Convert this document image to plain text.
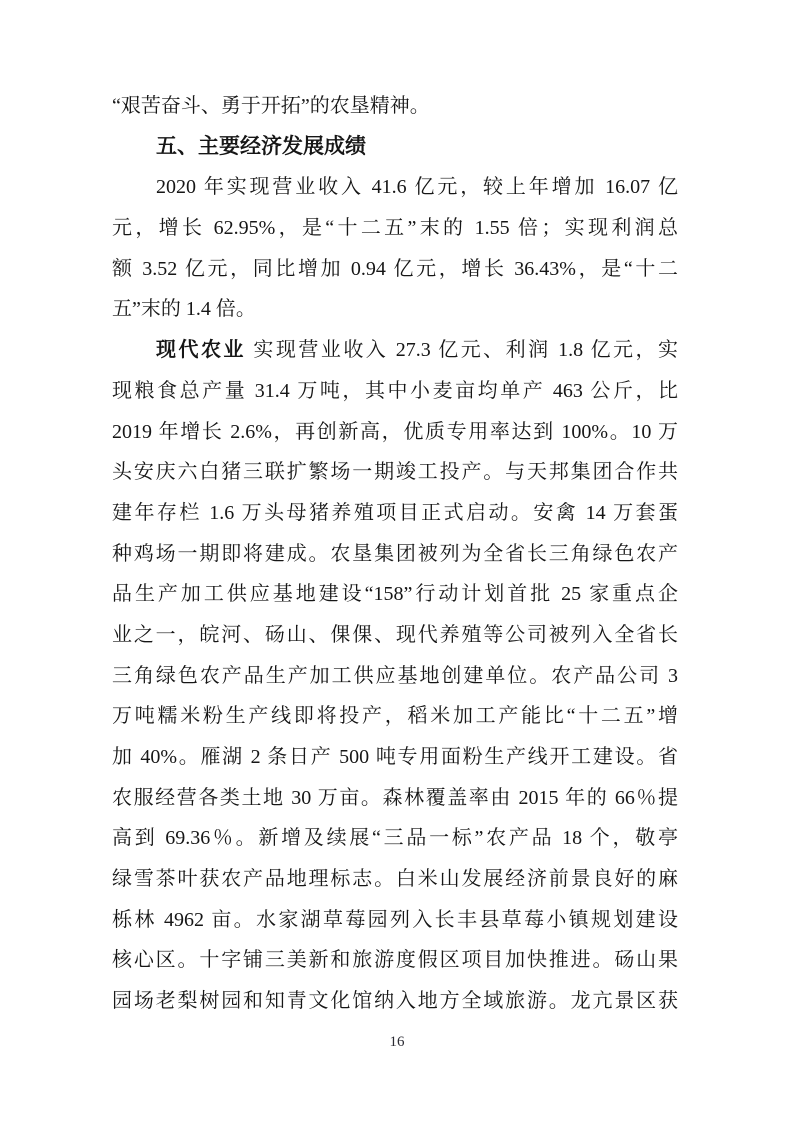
“艰苦奋斗、勇于开拓”的农垦精神。
五、主要经济发展成绩
2020 年实现营业收入 41.6 亿元，较上年增加 16.07 亿
元，增长 62.95%，是“十二五”末的 1.55 倍；实现利润总
额 3.52 亿元，同比增加 0.94 亿元，增长 36.43%，是“十二
五”末的 1.4 倍。
现代农业 实现营业收入 27.3 亿元、利润 1.8 亿元，实
现粮食总产量 31.4 万吨，其中小麦亩均单产 463 公斤，比
2019 年增长 2.6%，再创新高，优质专用率达到 100%。10 万
头安庆六白猪三联扩繁场一期竣工投产。与天邦集团合作共
建年存栏 1.6 万头母猪养殖项目正式启动。安禽 14 万套蛋
种鸡场一期即将建成。农垦集团被列为全省长三角绿色农产
品生产加工供应基地建设“158”行动计划首批 25 家重点企
业之一，皖河、砀山、倮倮、现代养殖等公司被列入全省长
三角绿色农产品生产加工供应基地创建单位。农产品公司 3
万吨糯米粉生产线即将投产，稻米加工产能比“十二五”增
加 40%。雁湖 2 条日产 500 吨专用面粉生产线开工建设。省
农服经营各类土地 30 万亩。森林覆盖率由 2015 年的 66％提
高到 69.36％。新增及续展“三品一标”农产品 18 个，敬亭
绿雪茶叶获农产品地理标志。白米山发展经济前景良好的麻
栎林 4962 亩。水家湖草莓园列入长丰县草莓小镇规划建设
核心区。十字铺三美新和旅游度假区项目加快推进。砀山果
园场老梨树园和知青文化馆纳入地方全域旅游。龙亢景区获
16
